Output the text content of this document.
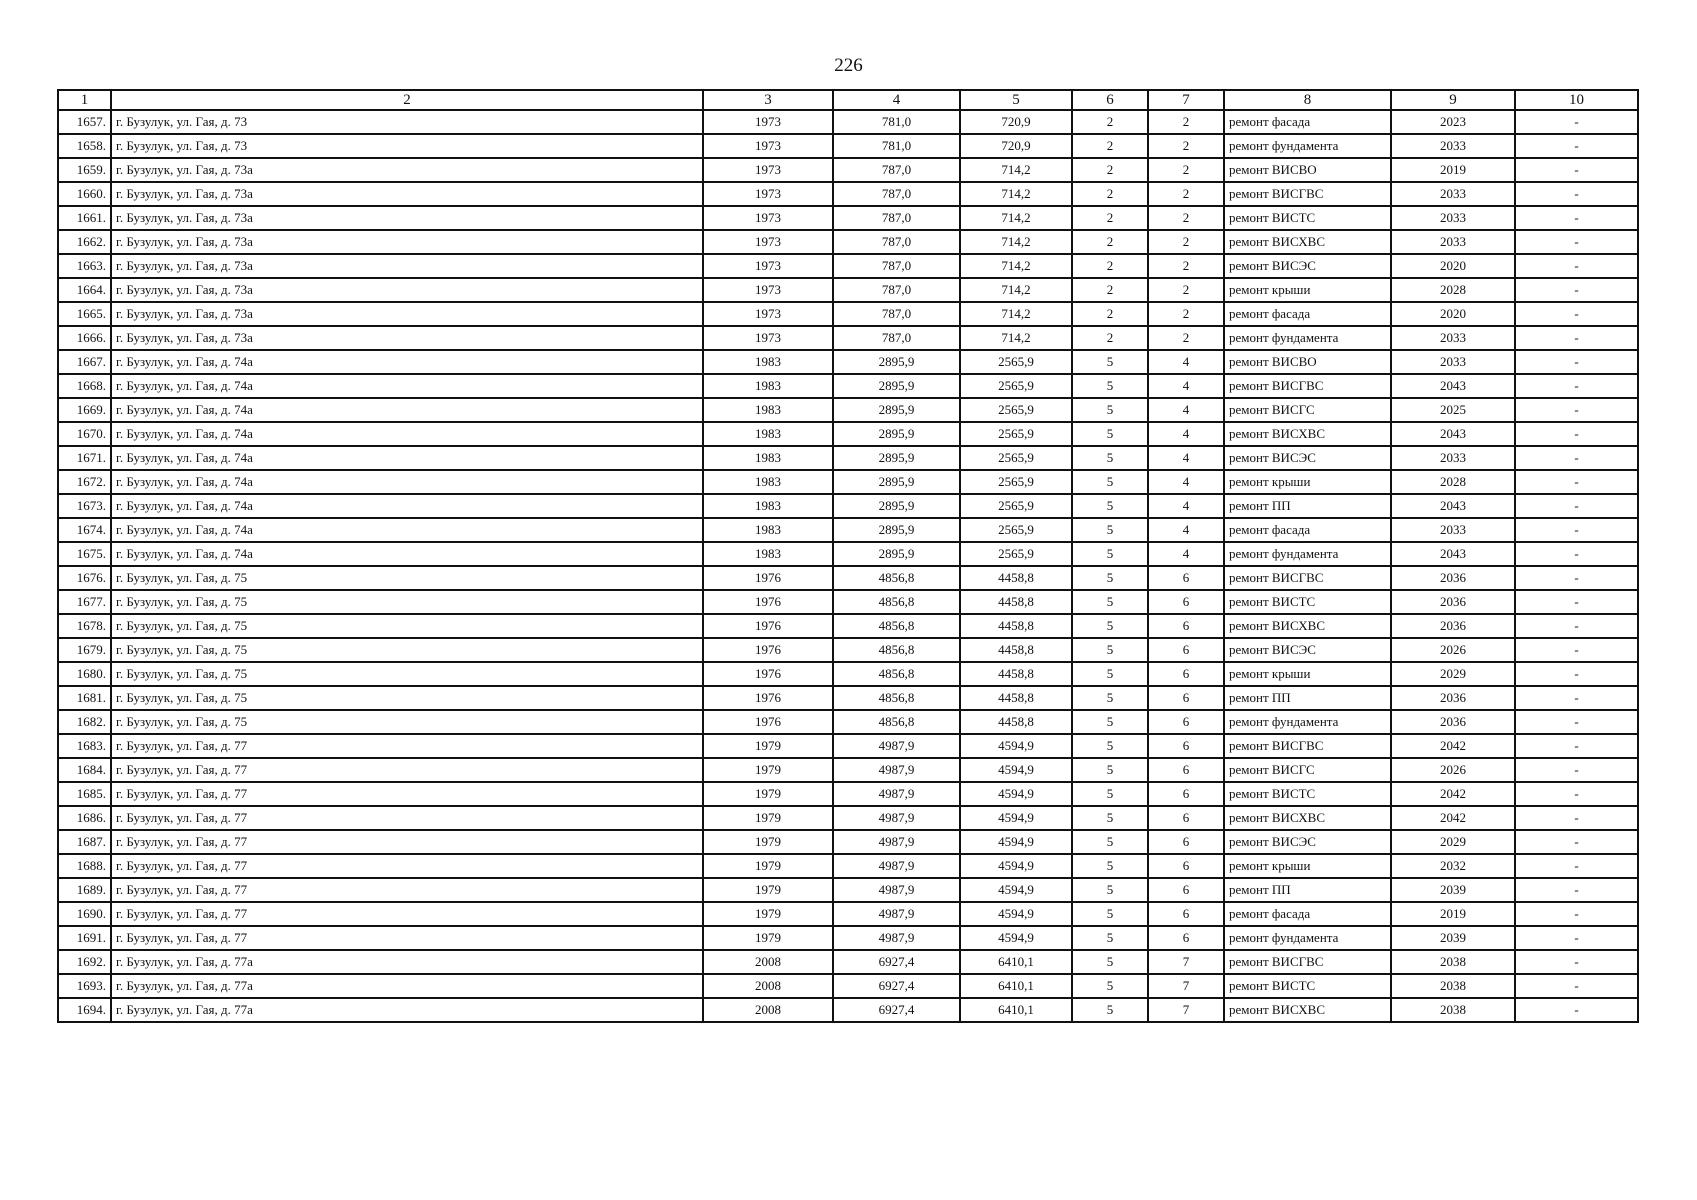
226
1	2	3	4	5	6	7	8	9	10
1657.	г. Бузулук, ул. Гая, д. 73	1973	781,0	720,9	2	2	ремонт фасада	2023	-
1658.	г. Бузулук, ул. Гая, д. 73	1973	781,0	720,9	2	2	ремонт фундамента	2033	-
1659.	г. Бузулук, ул. Гая, д. 73а	1973	787,0	714,2	2	2	ремонт ВИСВО	2019	-
1660.	г. Бузулук, ул. Гая, д. 73а	1973	787,0	714,2	2	2	ремонт ВИСГВС	2033	-
1661.	г. Бузулук, ул. Гая, д. 73а	1973	787,0	714,2	2	2	ремонт ВИСТС	2033	-
1662.	г. Бузулук, ул. Гая, д. 73а	1973	787,0	714,2	2	2	ремонт ВИСХВС	2033	-
1663.	г. Бузулук, ул. Гая, д. 73а	1973	787,0	714,2	2	2	ремонт ВИСЭС	2020	-
1664.	г. Бузулук, ул. Гая, д. 73а	1973	787,0	714,2	2	2	ремонт крыши	2028	-
1665.	г. Бузулук, ул. Гая, д. 73а	1973	787,0	714,2	2	2	ремонт фасада	2020	-
1666.	г. Бузулук, ул. Гая, д. 73а	1973	787,0	714,2	2	2	ремонт фундамента	2033	-
1667.	г. Бузулук, ул. Гая, д. 74а	1983	2895,9	2565,9	5	4	ремонт ВИСВО	2033	-
1668.	г. Бузулук, ул. Гая, д. 74а	1983	2895,9	2565,9	5	4	ремонт ВИСГВС	2043	-
1669.	г. Бузулук, ул. Гая, д. 74а	1983	2895,9	2565,9	5	4	ремонт ВИСГС	2025	-
1670.	г. Бузулук, ул. Гая, д. 74а	1983	2895,9	2565,9	5	4	ремонт ВИСХВС	2043	-
1671.	г. Бузулук, ул. Гая, д. 74а	1983	2895,9	2565,9	5	4	ремонт ВИСЭС	2033	-
1672.	г. Бузулук, ул. Гая, д. 74а	1983	2895,9	2565,9	5	4	ремонт крыши	2028	-
1673.	г. Бузулук, ул. Гая, д. 74а	1983	2895,9	2565,9	5	4	ремонт ПП	2043	-
1674.	г. Бузулук, ул. Гая, д. 74а	1983	2895,9	2565,9	5	4	ремонт фасада	2033	-
1675.	г. Бузулук, ул. Гая, д. 74а	1983	2895,9	2565,9	5	4	ремонт фундамента	2043	-
1676.	г. Бузулук, ул. Гая, д. 75	1976	4856,8	4458,8	5	6	ремонт ВИСГВС	2036	-
1677.	г. Бузулук, ул. Гая, д. 75	1976	4856,8	4458,8	5	6	ремонт ВИСТС	2036	-
1678.	г. Бузулук, ул. Гая, д. 75	1976	4856,8	4458,8	5	6	ремонт ВИСХВС	2036	-
1679.	г. Бузулук, ул. Гая, д. 75	1976	4856,8	4458,8	5	6	ремонт ВИСЭС	2026	-
1680.	г. Бузулук, ул. Гая, д. 75	1976	4856,8	4458,8	5	6	ремонт крыши	2029	-
1681.	г. Бузулук, ул. Гая, д. 75	1976	4856,8	4458,8	5	6	ремонт ПП	2036	-
1682.	г. Бузулук, ул. Гая, д. 75	1976	4856,8	4458,8	5	6	ремонт фундамента	2036	-
1683.	г. Бузулук, ул. Гая, д. 77	1979	4987,9	4594,9	5	6	ремонт ВИСГВС	2042	-
1684.	г. Бузулук, ул. Гая, д. 77	1979	4987,9	4594,9	5	6	ремонт ВИСГС	2026	-
1685.	г. Бузулук, ул. Гая, д. 77	1979	4987,9	4594,9	5	6	ремонт ВИСТС	2042	-
1686.	г. Бузулук, ул. Гая, д. 77	1979	4987,9	4594,9	5	6	ремонт ВИСХВС	2042	-
1687.	г. Бузулук, ул. Гая, д. 77	1979	4987,9	4594,9	5	6	ремонт ВИСЭС	2029	-
1688.	г. Бузулук, ул. Гая, д. 77	1979	4987,9	4594,9	5	6	ремонт крыши	2032	-
1689.	г. Бузулук, ул. Гая, д. 77	1979	4987,9	4594,9	5	6	ремонт ПП	2039	-
1690.	г. Бузулук, ул. Гая, д. 77	1979	4987,9	4594,9	5	6	ремонт фасада	2019	-
1691.	г. Бузулук, ул. Гая, д. 77	1979	4987,9	4594,9	5	6	ремонт фундамента	2039	-
1692.	г. Бузулук, ул. Гая, д. 77а	2008	6927,4	6410,1	5	7	ремонт ВИСГВС	2038	-
1693.	г. Бузулук, ул. Гая, д. 77а	2008	6927,4	6410,1	5	7	ремонт ВИСТС	2038	-
1694.	г. Бузулук, ул. Гая, д. 77а	2008	6927,4	6410,1	5	7	ремонт ВИСХВС	2038	-
